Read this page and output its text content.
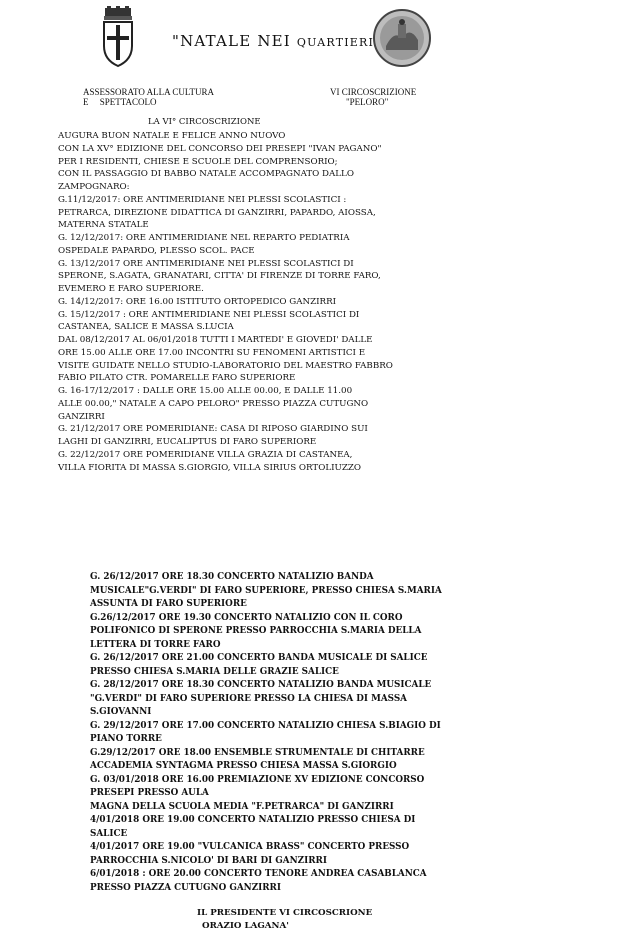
"NATALE NEI QUARTIERI
ASSESSORATO ALLA CULTURA
E     SPETTACOLO
VI CIRCOSCRIZIONE
"PELORO"
LA VI° CIRCOSCRIZIONE
AUGURA BUON NATALE E FELICE ANNO NUOVO
CON LA XV° EDIZIONE DEL CONCORSO DEI PRESEPI "IVAN PAGANO"
PER I RESIDENTI, CHIESE E SCUOLE DEL COMPRENSORIO;
CON IL PASSAGGIO DI BABBO NATALE ACCOMPAGNATO DALLO
ZAMPOGNARO:
G.11/12/2017: ORE ANTIMERIDIANE NEI PLESSI SCOLASTICI :
PETRARCA, DIREZIONE DIDATTICA DI GANZIRRI, PAPARDO, AIOSSA,
MATERNA STATALE
G. 12/12/2017: ORE ANTIMERIDIANE NEL REPARTO PEDIATRIA
OSPEDALE PAPARDO, PLESSO SCOL. PACE
G. 13/12/2017 ORE ANTIMERIDIANE NEI PLESSI SCOLASTICI DI
SPERONE, S.AGATA, GRANATARI, CITTA' DI FIRENZE DI TORRE FARO,
EVEMERO E FARO SUPERIORE.
G. 14/12/2017: ORE 16.00 ISTITUTO ORTOPEDICO GANZIRRI
G. 15/12/2017 : ORE ANTIMERIDIANE NEI PLESSI SCOLASTICI DI
CASTANEA, SALICE E MASSA S.LUCIA
DAL 08/12/2017 AL 06/01/2018 TUTTI I MARTEDI' E GIOVEDI' DALLE
ORE 15.00 ALLE ORE 17.00 INCONTRI SU FENOMENI ARTISTICI E
VISITE GUIDATE NELLO STUDIO-LABORATORIO DEL MAESTRO FABBRO
FABIO PILATO CTR. POMARELLE FARO SUPERIORE
G. 16-17/12/2017 : DALLE ORE 15.00 ALLE 00.00, E DALLE 11.00
ALLE 00.00," NATALE A CAPO PELORO" PRESSO PIAZZA CUTUGNO
GANZIRRI
G. 21/12/2017 ORE POMERIDIANE: CASA DI RIPOSO GIARDINO SUI
LAGHI DI GANZIRRI, EUCALIPTUS DI FARO SUPERIORE
G. 22/12/2017 ORE POMERIDIANE VILLA GRAZIA DI CASTANEA,
VILLA FIORITA DI MASSA S.GIORGIO, VILLA SIRIUS ORTOLIUZZO
G. 26/12/2017 ORE 18.30 CONCERTO NATALIZIO BANDA
MUSICALE"G.VERDI" DI FARO SUPERIORE, PRESSO CHIESA S.MARIA
ASSUNTA DI FARO SUPERIORE
G.26/12/2017 ORE 19.30 CONCERTO NATALIZIO CON IL CORO
POLIFONICO DI SPERONE PRESSO PARROCCHIA S.MARIA DELLA
LETTERA DI TORRE FARO
G. 26/12/2017 ORE 21.00 CONCERTO BANDA MUSICALE DI SALICE
PRESSO CHIESA S.MARIA DELLE GRAZIE SALICE
G. 28/12/2017 ORE 18.30 CONCERTO NATALIZIO BANDA MUSICALE
"G.VERDI" DI FARO SUPERIORE PRESSO LA CHIESA DI MASSA
S.GIOVANNI
G. 29/12/2017 ORE 17.00 CONCERTO NATALIZIO CHIESA S.BIAGIO DI
PIANO TORRE
G.29/12/2017 ORE 18.00 ENSEMBLE STRUMENTALE DI CHITARRE
ACCADEMIA SYNTAGMA PRESSO CHIESA MASSA S.GIORGIO
G. 03/01/2018 ORE 16.00 PREMIAZIONE XV EDIZIONE CONCORSO
PRESEPI PRESSO AULA
MAGNA DELLA SCUOLA MEDIA "F.PETRARCA" DI GANZIRRI
4/01/2018 ORE 19.00 CONCERTO NATALIZIO PRESSO CHIESA DI
SALICE
4/01/2017 ORE 19.00 "VULCANICA BRASS" CONCERTO PRESSO
PARROCCHIA S.NICOLO' DI BARI DI GANZIRRI
6/01/2018 : ORE 20.00 CONCERTO TENORE ANDREA CASABLANCA
PRESSO PIAZZA CUTUGNO GANZIRRI
IL PRESIDENTE VI CIRCOSCRIONE
ORAZIO LAGANA'
